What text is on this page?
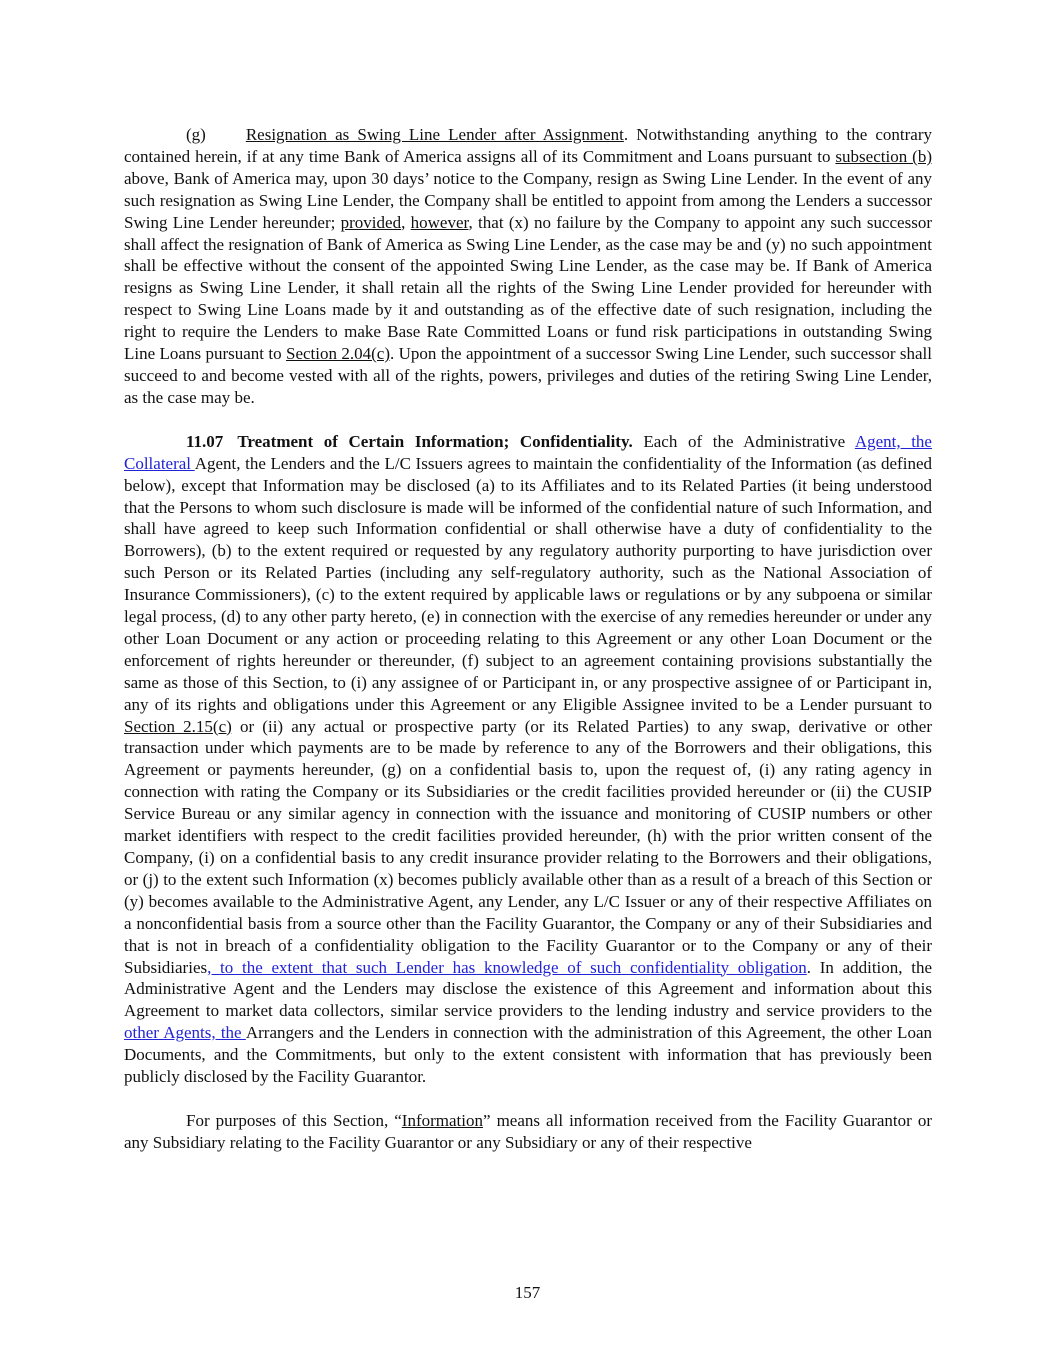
(g) Resignation as Swing Line Lender after Assignment. Notwithstanding anything to the contrary contained herein, if at any time Bank of America assigns all of its Commitment and Loans pursuant to subsection (b) above, Bank of America may, upon 30 days’ notice to the Company, resign as Swing Line Lender. In the event of any such resignation as Swing Line Lender, the Company shall be entitled to appoint from among the Lenders a successor Swing Line Lender hereunder; provided, however, that (x) no failure by the Company to appoint any such successor shall affect the resignation of Bank of America as Swing Line Lender, as the case may be and (y) no such appointment shall be effective without the consent of the appointed Swing Line Lender, as the case may be. If Bank of America resigns as Swing Line Lender, it shall retain all the rights of the Swing Line Lender provided for hereunder with respect to Swing Line Loans made by it and outstanding as of the effective date of such resignation, including the right to require the Lenders to make Base Rate Committed Loans or fund risk participations in outstanding Swing Line Loans pursuant to Section 2.04(c). Upon the appointment of a successor Swing Line Lender, such successor shall succeed to and become vested with all of the rights, powers, privileges and duties of the retiring Swing Line Lender, as the case may be.

11.07 Treatment of Certain Information; Confidentiality. Each of the Administrative Agent, the Collateral Agent, the Lenders and the L/C Issuers agrees to maintain the confidentiality of the Information (as defined below), except that Information may be disclosed (a) to its Affiliates and to its Related Parties (it being understood that the Persons to whom such disclosure is made will be informed of the confidential nature of such Information, and shall have agreed to keep such Information confidential or shall otherwise have a duty of confidentiality to the Borrowers), (b) to the extent required or requested by any regulatory authority purporting to have jurisdiction over such Person or its Related Parties (including any self-regulatory authority, such as the National Association of Insurance Commissioners), (c) to the extent required by applicable laws or regulations or by any subpoena or similar legal process, (d) to any other party hereto, (e) in connection with the exercise of any remedies hereunder or under any other Loan Document or any action or proceeding relating to this Agreement or any other Loan Document or the enforcement of rights hereunder or thereunder, (f) subject to an agreement containing provisions substantially the same as those of this Section, to (i) any assignee of or Participant in, or any prospective assignee of or Participant in, any of its rights and obligations under this Agreement or any Eligible Assignee invited to be a Lender pursuant to Section 2.15(c) or (ii) any actual or prospective party (or its Related Parties) to any swap, derivative or other transaction under which payments are to be made by reference to any of the Borrowers and their obligations, this Agreement or payments hereunder, (g) on a confidential basis to, upon the request of, (i) any rating agency in connection with rating the Company or its Subsidiaries or the credit facilities provided hereunder or (ii) the CUSIP Service Bureau or any similar agency in connection with the issuance and monitoring of CUSIP numbers or other market identifiers with respect to the credit facilities provided hereunder, (h) with the prior written consent of the Company, (i) on a confidential basis to any credit insurance provider relating to the Borrowers and their obligations, or (j) to the extent such Information (x) becomes publicly available other than as a result of a breach of this Section or (y) becomes available to the Administrative Agent, any Lender, any L/C Issuer or any of their respective Affiliates on a nonconfidential basis from a source other than the Facility Guarantor, the Company or any of their Subsidiaries and that is not in breach of a confidentiality obligation to the Facility Guarantor or to the Company or any of their Subsidiaries, to the extent that such Lender has knowledge of such confidentiality obligation. In addition, the Administrative Agent and the Lenders may disclose the existence of this Agreement and information about this Agreement to market data collectors, similar service providers to the lending industry and service providers to the other Agents, the Arrangers and the Lenders in connection with the administration of this Agreement, the other Loan Documents, and the Commitments, but only to the extent consistent with information that has previously been publicly disclosed by the Facility Guarantor.

For purposes of this Section, “Information” means all information received from the Facility Guarantor or any Subsidiary relating to the Facility Guarantor or any Subsidiary or any of their respective

157
